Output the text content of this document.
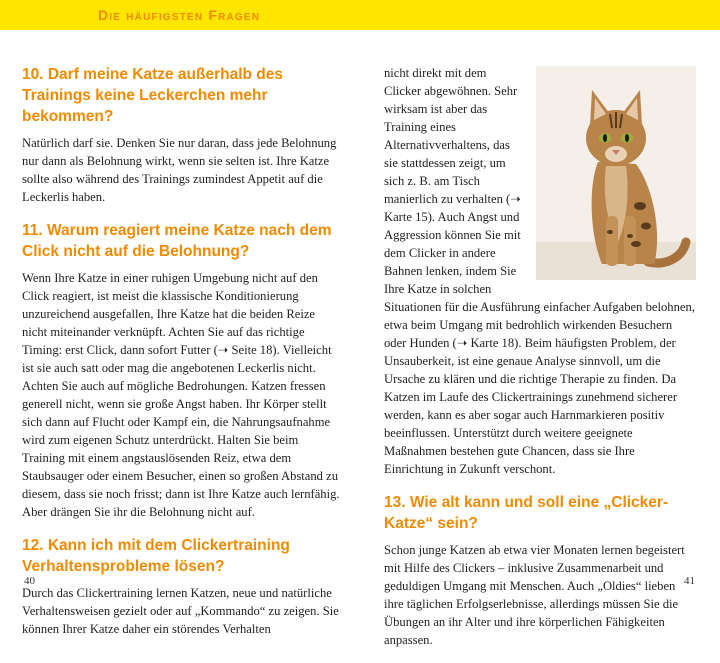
Die häufigsten Fragen
10. Darf meine Katze außerhalb des Trainings keine Leckerchen mehr bekommen?

Natürlich darf sie. Denken Sie nur daran, dass jede Belohnung nur dann als Belohnung wirkt, wenn sie selten ist. Ihre Katze sollte also während des Trainings zumindest Appetit auf die Leckerlis haben.

11. Warum reagiert meine Katze nach dem Click nicht auf die Belohnung?

Wenn Ihre Katze in einer ruhigen Umgebung nicht auf den Click reagiert, ist meist die klassische Konditionierung unzureichend ausgefallen, Ihre Katze hat die beiden Reize nicht miteinander verknüpft. Achten Sie auf das richtige Timing: erst Click, dann sofort Futter (➝ Seite 18). Vielleicht ist sie auch satt oder mag die angebotenen Leckerlis nicht. Achten Sie auch auf mögliche Bedrohungen. Katzen fressen generell nicht, wenn sie große Angst haben. Ihr Körper stellt sich dann auf Flucht oder Kampf ein, die Nahrungsaufnahme wird zum eigenen Schutz unterdrückt. Halten Sie beim Training mit einem angstauslösenden Reiz, etwa dem Staubsauger oder einem Besucher, einen so großen Abstand zu diesem, dass sie noch frisst; dann ist Ihre Katze auch lernfähig. Aber drängen Sie ihr die Belohnung nicht auf.

12. Kann ich mit dem Clickertraining Verhaltensprobleme lösen?

Durch das Clickertraining lernen Katzen, neue und natürliche Verhaltensweisen gezielt oder auf „Kommando“ zu zeigen. Sie können Ihrer Katze daher ein störendes Verhalten

nicht direkt mit dem Clicker abgewöhnen. Sehr wirksam ist aber das Training eines Alternativverhaltens, das sie stattdessen zeigt, um sich z. B. am Tisch manierlich zu verhalten (➝ Karte 15). Auch Angst und Aggression können Sie mit dem Clicker in andere Bahnen lenken, indem Sie Ihre Katze in solchen Situationen für die Ausführung einfacher Aufgaben belohnen, etwa beim Umgang mit bedrohlich wirkenden Besuchern oder Hunden (➝ Karte 18). Beim häufigsten Problem, der Unsauberkeit, ist eine genaue Analyse sinnvoll, um die Ursache zu klären und die richtige Therapie zu finden. Da Katzen im Laufe des Clickertrainings zunehmend sicherer werden, kann es aber sogar auch Harnmarkieren positiv beeinflussen. Unterstützt durch weitere geeignete Maßnahmen bestehen gute Chancen, dass sie Ihre Einrichtung in Zukunft verschont.

13. Wie alt kann und soll eine „Clicker-Katze“ sein?

Schon junge Katzen ab etwa vier Monaten lernen begeistert mit Hilfe des Clickers – inklusive Zusammenarbeit und geduldigen Umgang mit Menschen. Auch „Oldies“ lieben ihre täglichen Erfolgserlebnisse, allerdings müssen Sie die Übungen an ihr Alter und ihre körperlichen Fähigkeiten anpassen.

40	41
